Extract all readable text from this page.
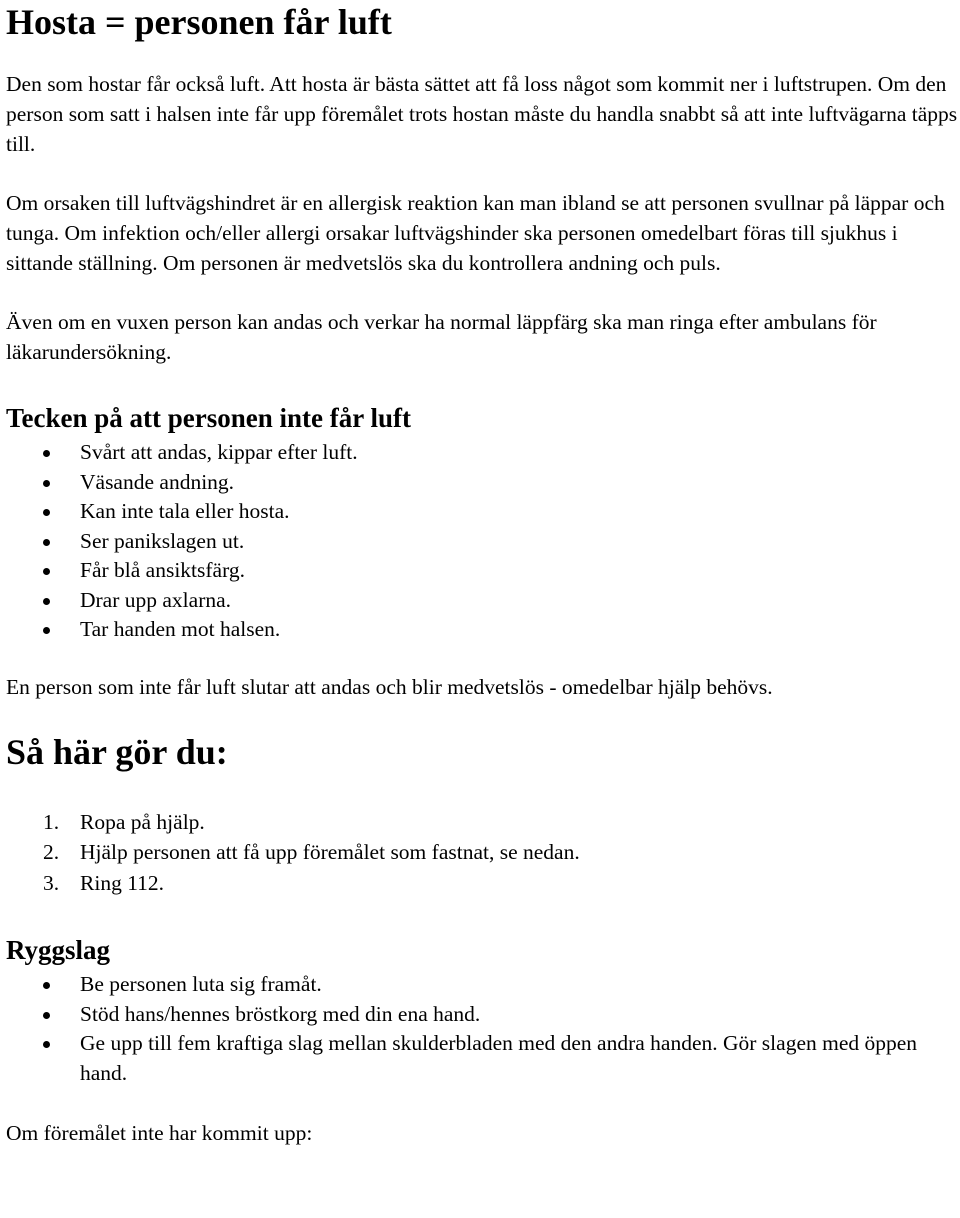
Hosta = personen får luft

Den som hostar får också luft. Att hosta är bästa sättet att få loss något som kommit ner i luftstrupen. Om den person som satt i halsen inte får upp föremålet trots hostan måste du handla snabbt så att inte luftvägarna täpps till.

Om orsaken till luftvägshindret är en allergisk reaktion kan man ibland se att personen svullnar på läppar och tunga. Om infektion och/eller allergi orsakar luftvägshinder ska personen omedelbart föras till sjukhus i sittande ställning. Om personen är medvetslös ska du kontrollera andning och puls.

Även om en vuxen person kan andas och verkar ha normal läppfärg ska man ringa efter ambulans för läkarundersökning.

Tecken på att personen inte får luft
Svårt att andas, kippar efter luft.
Väsande andning.
Kan inte tala eller hosta.
Ser panikslagen ut.
Får blå ansiktsfärg.
Drar upp axlarna.
Tar handen mot halsen.

En person som inte får luft slutar att andas och blir medvetslös - omedelbar hjälp behövs.

Så här gör du:
1. Ropa på hjälp.
2. Hjälp personen att få upp föremålet som fastnat, se nedan.
3. Ring 112.
Ryggslag
Be personen luta sig framåt.
Stöd hans/hennes bröstkorg med din ena hand.
Ge upp till fem kraftiga slag mellan skulderbladen med den andra handen. Gör slagen med öppen hand.

Om föremålet inte har kommit upp:
